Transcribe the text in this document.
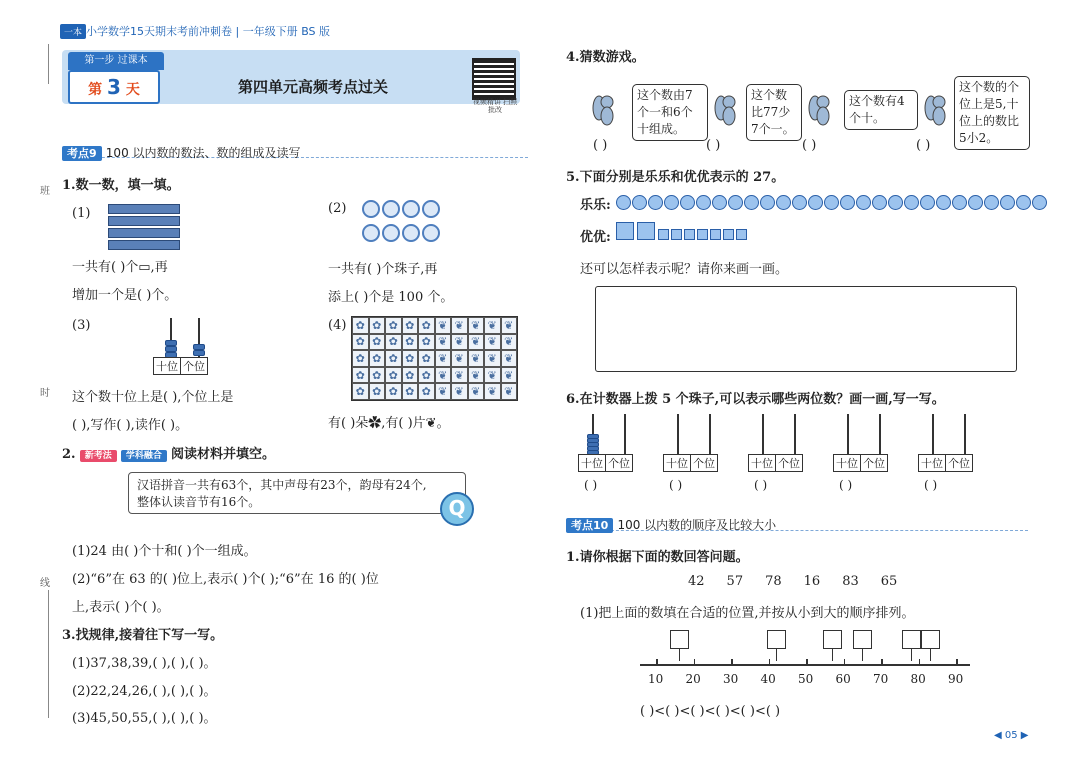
一本 小学数学15天期末考前冲刺卷 | 一年级下册 BS 版
第一步 过课本
第 3 天	第四单元高频考点过关
视频精讲 扫照批改
班
时
线
考点9 100 以内数的数法、数的组成及读写
1.数一数，填一填。
(1)
一共有( )个▭,再
增加一个是( )个。
(2)
一共有( )个珠子,再
添上( )个是 100 个。
(3)
十位 个位
这个数十位上是( ),个位上是
( ),写作( ),读作( )。
(4) ✿ ✿ ✿ ✿ ✿ ❦ ❦ ❦ ❦ ❦
✿ ✿ ✿ ✿ ✿ ❦ ❦ ❦ ❦ ❦
✿ ✿ ✿ ✿ ✿ ❦ ❦ ❦ ❦ ❦
✿ ✿ ✿ ✿ ✿ ❦ ❦ ❦ ❦ ❦
✿ ✿ ✿ ✿ ✿ ❦ ❦ ❦ ❦ ❦
有( )朵✿,有( )片❦。
2. 新考法 学科融合 阅读材料并填空。
汉语拼音一共有63个，其中声母有23个，韵母有24个,
整体认读音节有16个。	Q
(1)24 由( )个十和( )个一组成。
(2)“6”在 63 的( )位上,表示( )个( );“6”在 16 的( )位
上,表示( )个( )。
3.找规律,接着往下写一写。
(1)37,38,39,( ),( ),( )。
(2)22,24,26,( ),( ),( )。
(3)45,50,55,( ),( ),( )。
4.猜数游戏。
这个数由7个一和6个十组成。
这个数比77少7个一。
这个数有4个十。
这个数的个位上是5,十位上的数比5小2。
( )	( )	( )	( )
5.下面分别是乐乐和优优表示的 27。
乐乐:
优优:
还可以怎样表示呢？请你来画一画。
6.在计数器上拨 5 个珠子,可以表示哪些两位数？画一画,写一写。
十位 个位
( )
十位 个位
( )
十位 个位
( )
十位 个位
( )
十位 个位
( )
考点10 100 以内数的顺序及比较大小
1.请你根据下面的数回答问题。
42 57 78 16 83 65
(1)把上面的数填在合适的位置,并按从小到大的顺序排列。
10 20 30 40 50 60 70 80 90
( )<( )<( )<( )<( )<( )
◀ 05 ▶
